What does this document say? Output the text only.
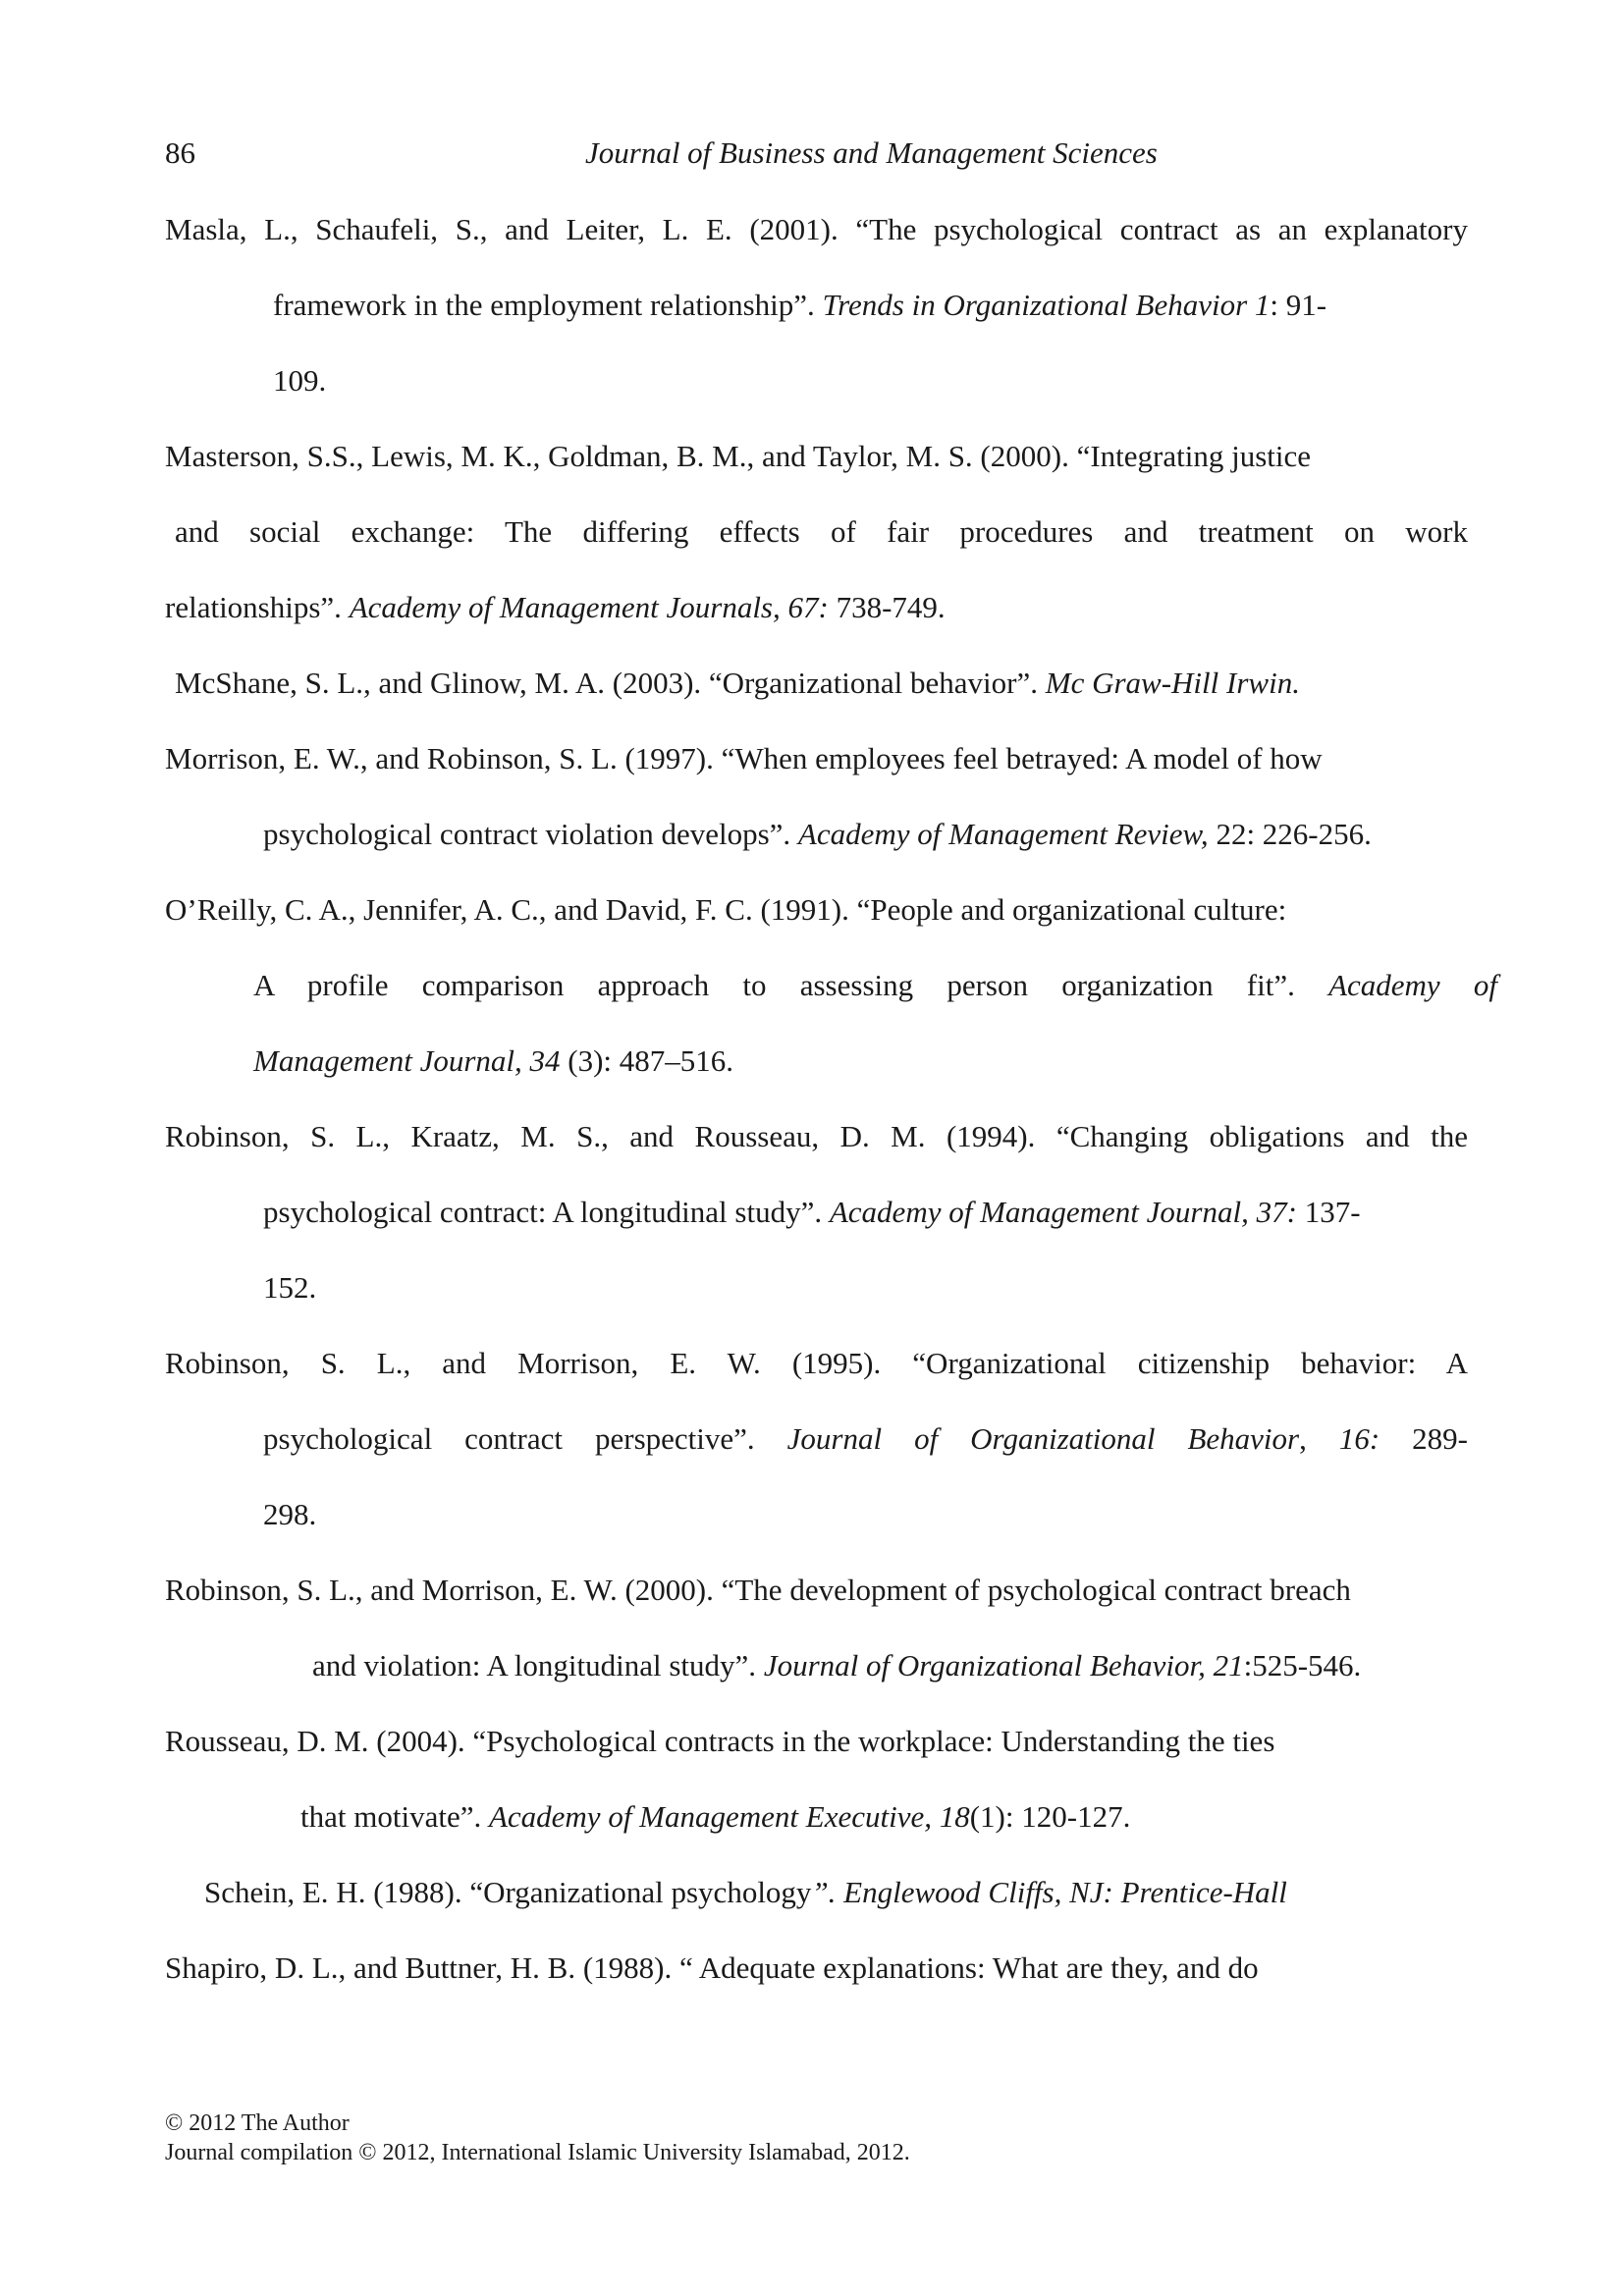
86	Journal of Business and Management Sciences
Masla, L., Schaufeli, S., and Leiter, L. E. (2001). “The psychological contract as an explanatory
framework in the employment relationship”. Trends in Organizational Behavior 1: 91-
109.
Masterson, S.S., Lewis, M. K., Goldman, B. M., and Taylor, M. S. (2000). “Integrating justice
and social exchange: The differing effects of fair procedures and treatment on work
relationships”. Academy of Management Journals, 67: 738-749.
McShane, S. L., and Glinow, M. A. (2003). “Organizational behavior”. Mc Graw-Hill Irwin.
Morrison, E. W., and Robinson, S. L. (1997). “When employees feel betrayed: A model of how
psychological contract violation develops”. Academy of Management Review, 22: 226-256.
O’Reilly, C. A., Jennifer, A. C., and David, F. C. (1991). “People and organizational culture:
A profile comparison approach to assessing person organization fit”. Academy of
Management Journal, 34 (3): 487–516.
Robinson, S. L., Kraatz, M. S., and Rousseau, D. M. (1994). “Changing obligations and the
psychological contract: A longitudinal study”. Academy of Management Journal, 37: 137-
152.
Robinson, S. L., and Morrison, E. W. (1995). “Organizational citizenship behavior: A
psychological contract perspective”. Journal of Organizational Behavior, 16: 289-
298.
Robinson, S. L., and Morrison, E. W. (2000). “The development of psychological contract breach
and violation: A longitudinal study”. Journal of Organizational Behavior, 21:525-546.
Rousseau, D. M. (2004). “Psychological contracts in the workplace: Understanding the ties
that motivate”. Academy of Management Executive, 18(1): 120-127.
Schein, E. H. (1988). “Organizational psychology”. Englewood Cliffs, NJ: Prentice-Hall
Shapiro, D. L., and Buttner, H. B. (1988). “ Adequate explanations: What are they, and do
© 2012 The Author
Journal compilation © 2012, International Islamic University Islamabad, 2012.
